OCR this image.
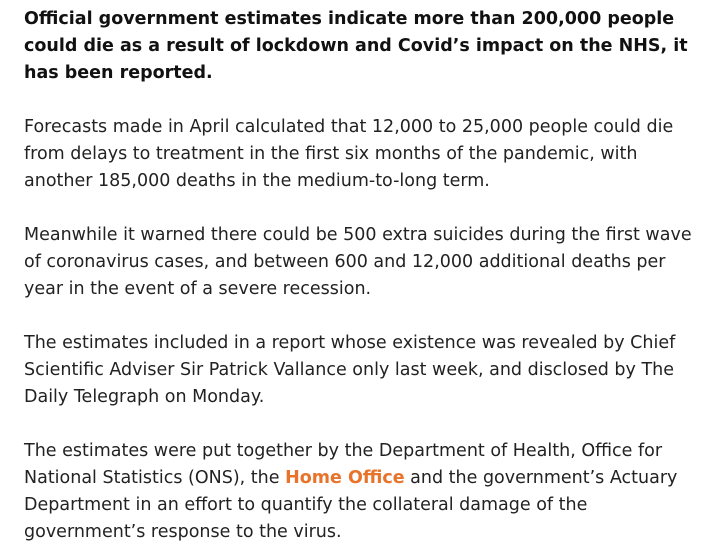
Official government estimates indicate more than 200,000 people could die as a result of lockdown and Covid’s impact on the NHS, it has been reported.

Forecasts made in April calculated that 12,000 to 25,000 people could die from delays to treatment in the first six months of the pandemic, with another 185,000 deaths in the medium-to-long term.

Meanwhile it warned there could be 500 extra suicides during the first wave of coronavirus cases, and between 600 and 12,000 additional deaths per year in the event of a severe recession.

The estimates included in a report whose existence was revealed by Chief Scientific Adviser Sir Patrick Vallance only last week, and disclosed by The Daily Telegraph on Monday.

The estimates were put together by the Department of Health, Office for National Statistics (ONS), the Home Office and the government’s Actuary Department in an effort to quantify the collateral damage of the government’s response to the virus.
